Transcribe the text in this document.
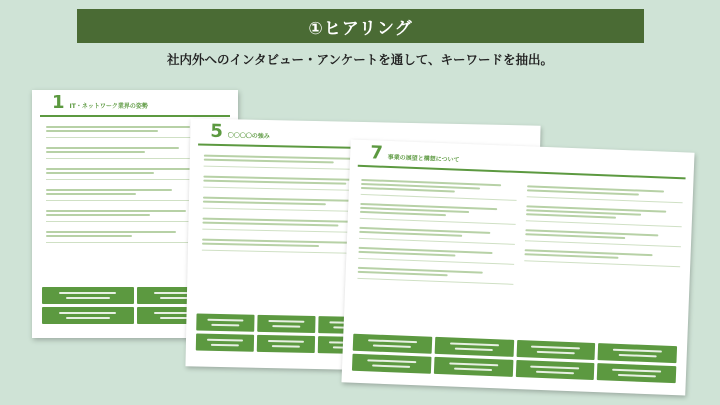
①ヒアリング
社内外へのインタビュー・アンケートを通して、キーワードを抽出。
1 IT・ネットワーク業界の姿勢
5 〇〇〇〇の強み
7 事業の展望と構想について
